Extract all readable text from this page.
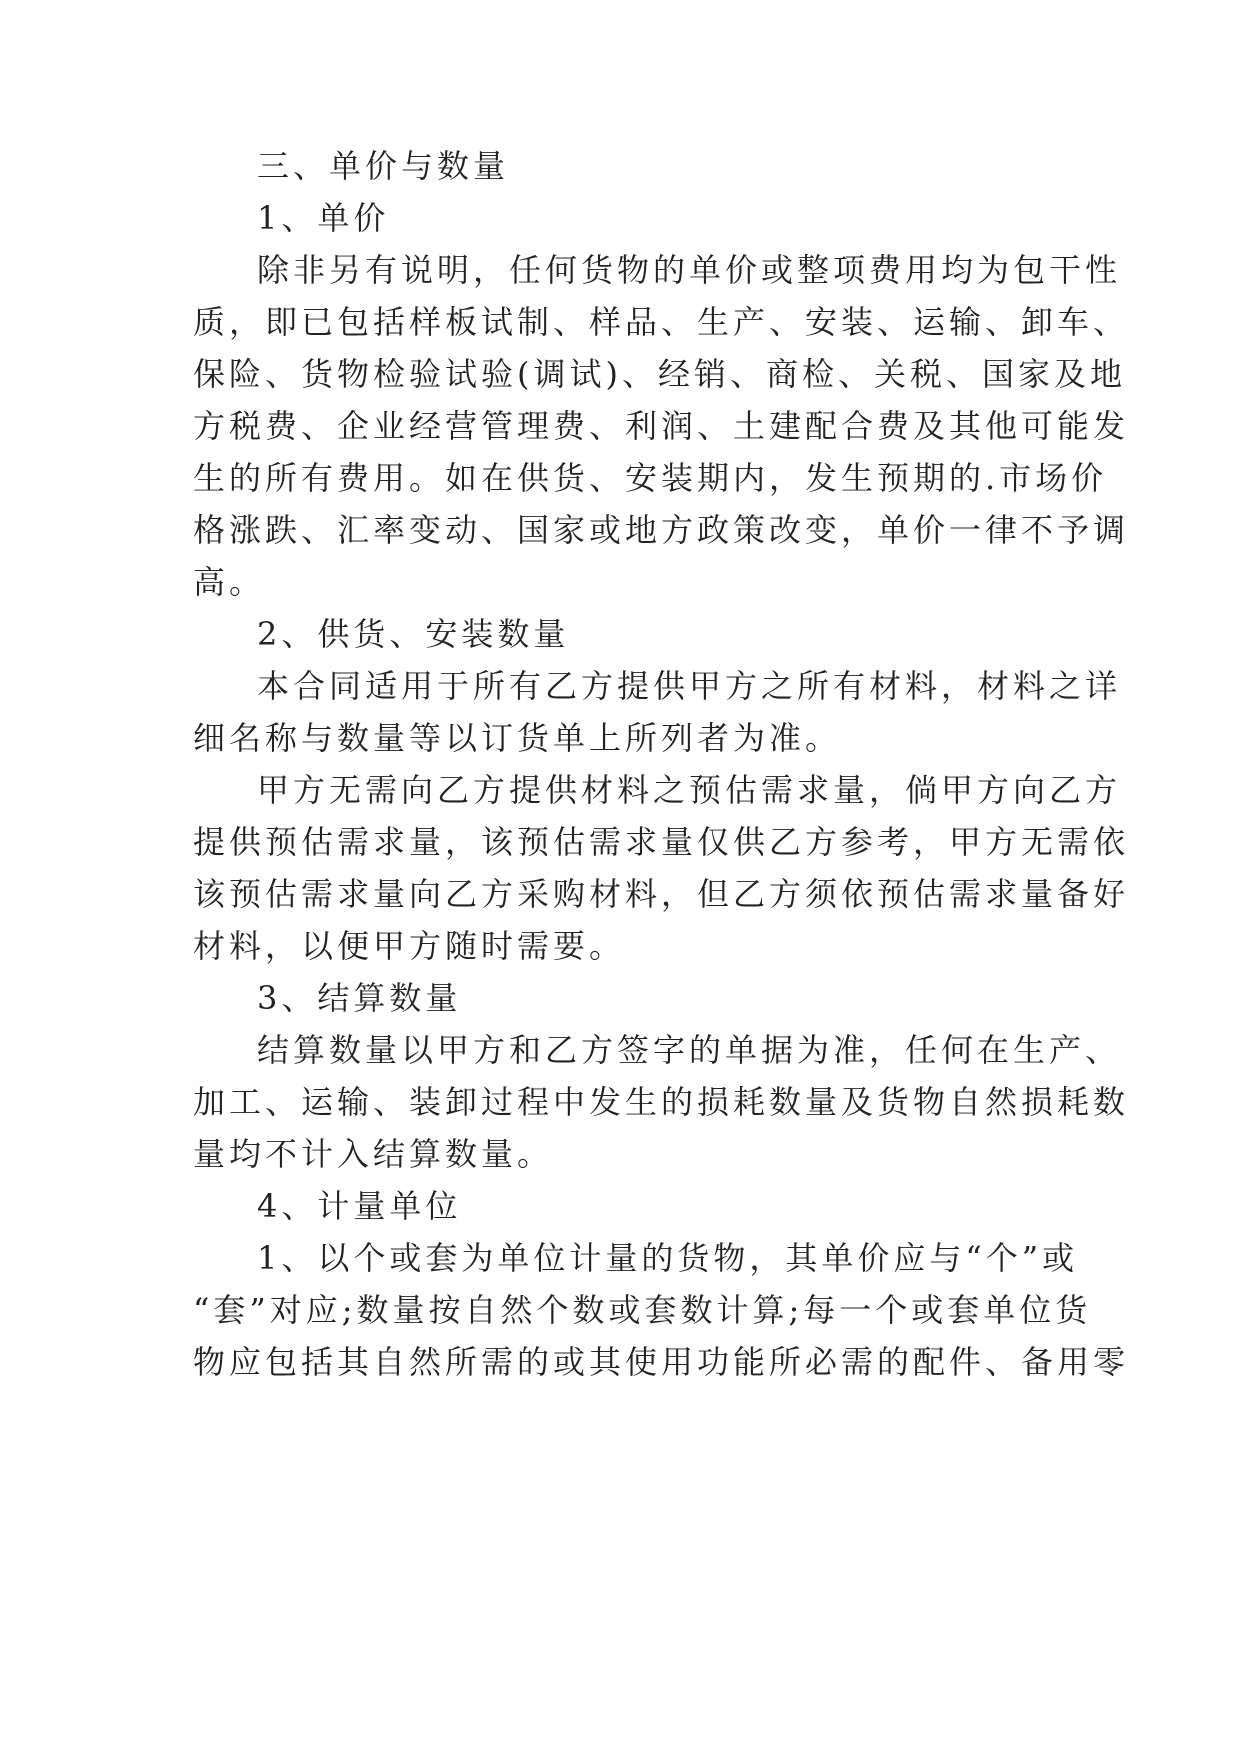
三、单价与数量

1、单价

除非另有说明，任何货物的单价或整项费用均为包干性

质，即已包括样板试制、样品、生产、安装、运输、卸车、

保险、货物检验试验(调试)、经销、商检、关税、国家及地

方税费、企业经营管理费、利润、土建配合费及其他可能发

生的所有费用。如在供货、安装期内，发生预期的.市场价

格涨跌、汇率变动、国家或地方政策改变，单价一律不予调

高。

2、供货、安装数量

本合同适用于所有乙方提供甲方之所有材料，材料之详

细名称与数量等以订货单上所列者为准。

甲方无需向乙方提供材料之预估需求量，倘甲方向乙方

提供预估需求量，该预估需求量仅供乙方参考，甲方无需依

该预估需求量向乙方采购材料，但乙方须依预估需求量备好

材料，以便甲方随时需要。

3、结算数量

结算数量以甲方和乙方签字的单据为准，任何在生产、

加工、运输、装卸过程中发生的损耗数量及货物自然损耗数

量均不计入结算数量。

4、计量单位

1、以个或套为单位计量的货物，其单价应与“个”或

“套”对应;数量按自然个数或套数计算;每一个或套单位货

物应包括其自然所需的或其使用功能所必需的配件、备用零
